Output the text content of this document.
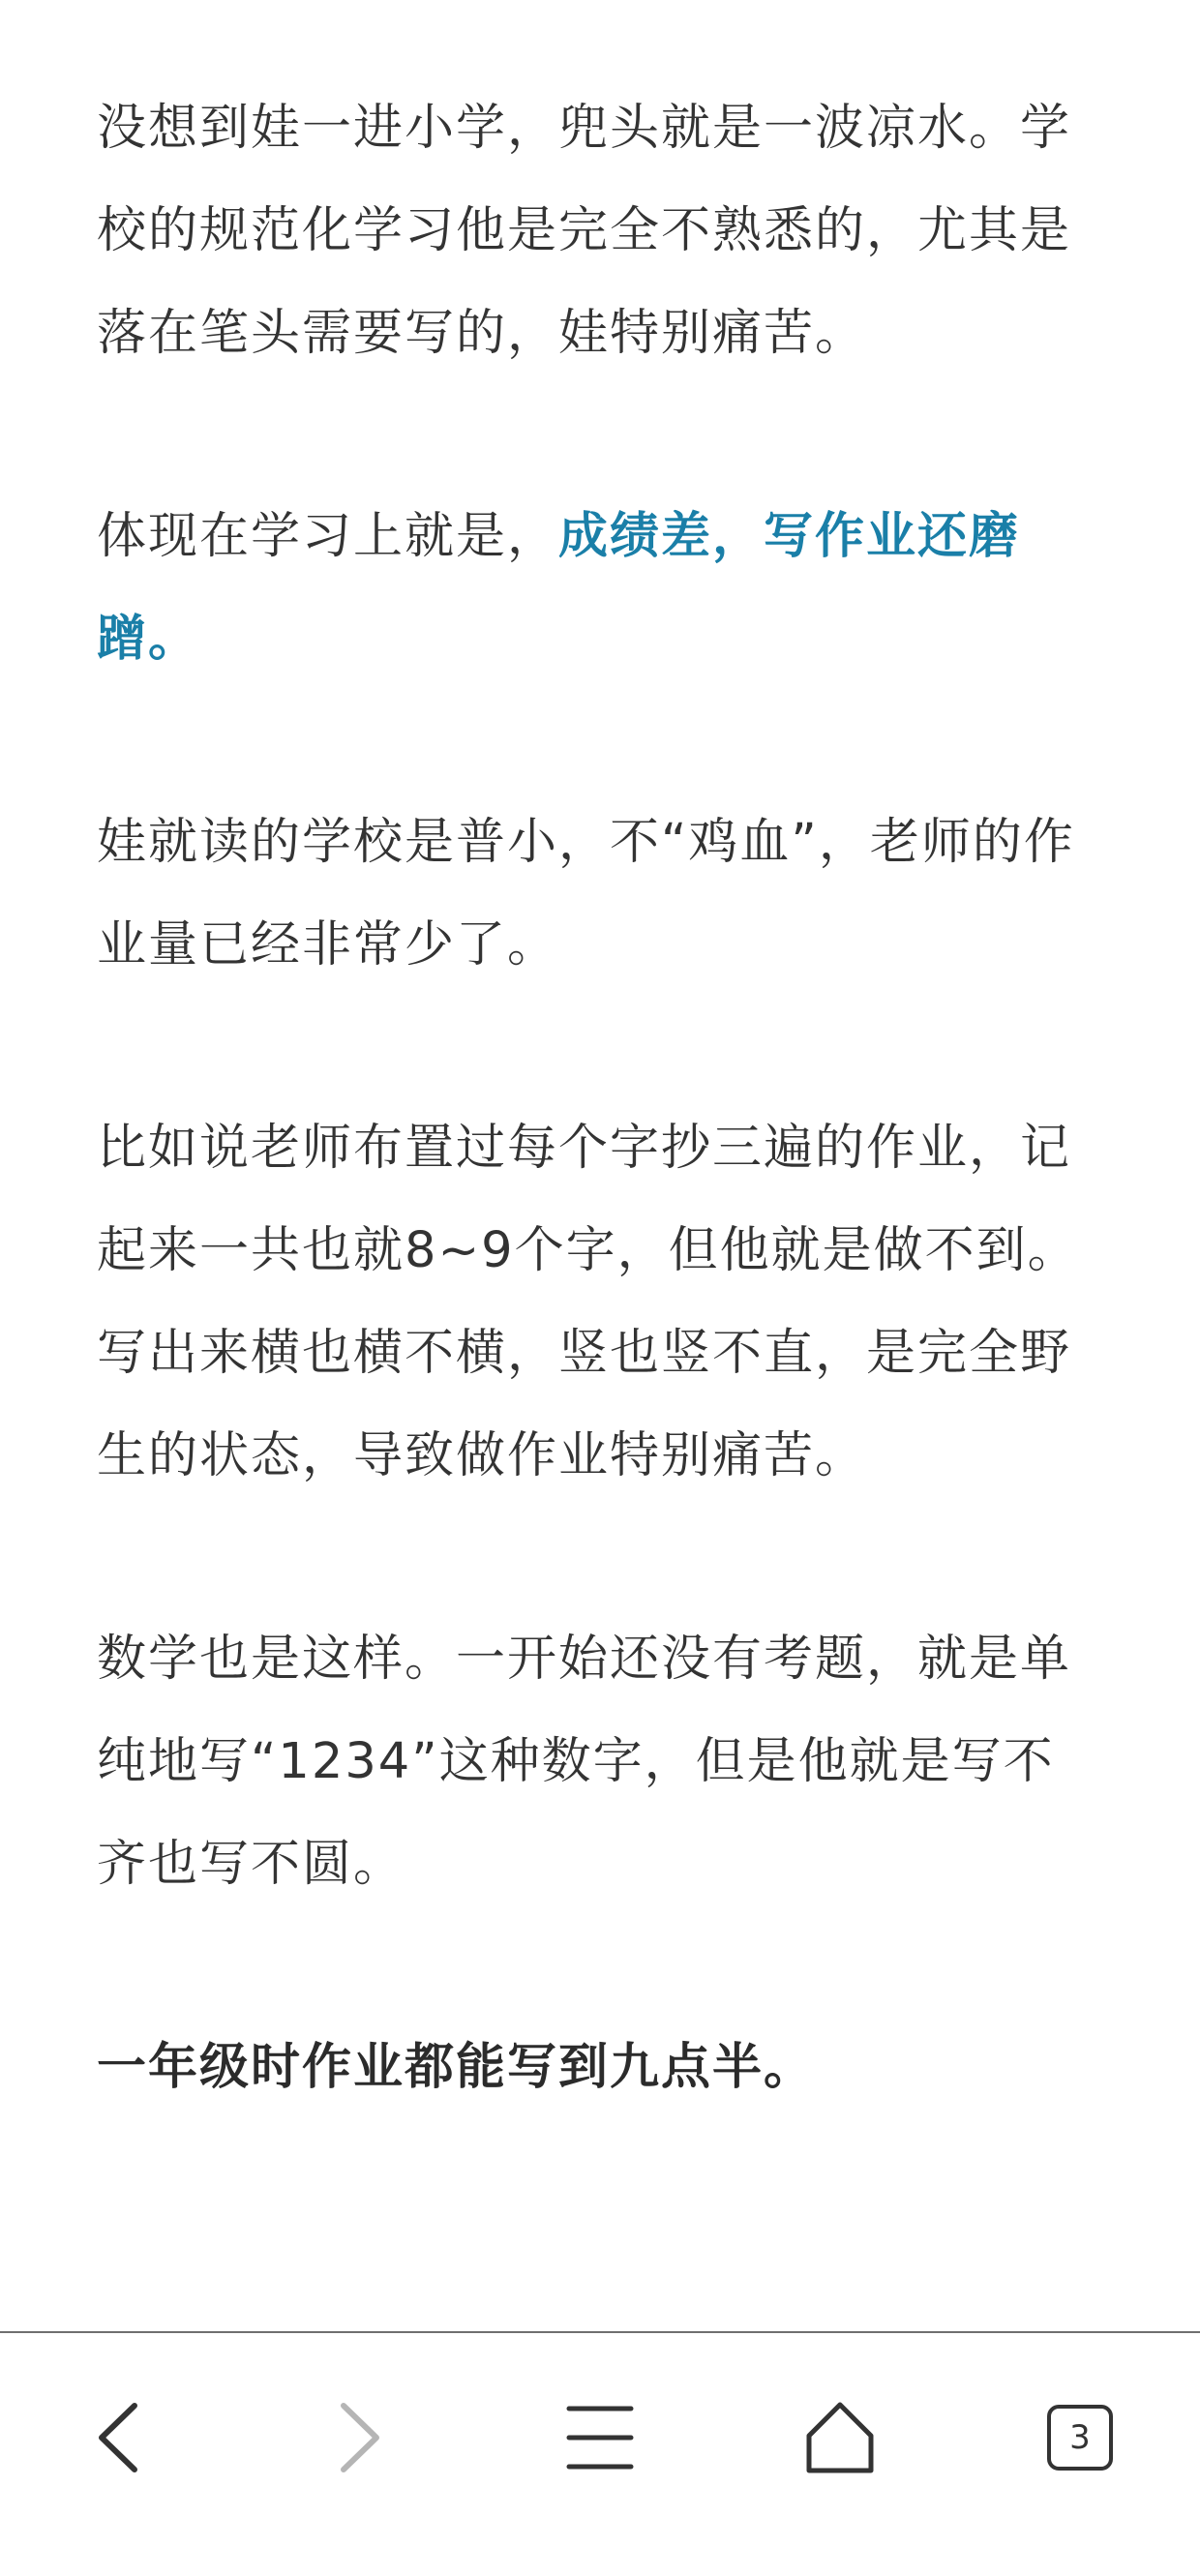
没想到娃一进小学，兜头就是一波凉水。学校的规范化学习他是完全不熟悉的，尤其是落在笔头需要写的，娃特别痛苦。

体现在学习上就是，成绩差，写作业还磨蹭。

娃就读的学校是普小，不“鸡血”，老师的作业量已经非常少了。

比如说老师布置过每个字抄三遍的作业，记起来一共也就8~9个字，但他就是做不到。写出来横也横不横，竖也竖不直，是完全野生的状态，导致做作业特别痛苦。

数学也是这样。一开始还没有考题，就是单纯地写“1234”这种数字，但是他就是写不齐也写不圆。

一年级时作业都能写到九点半。

3
